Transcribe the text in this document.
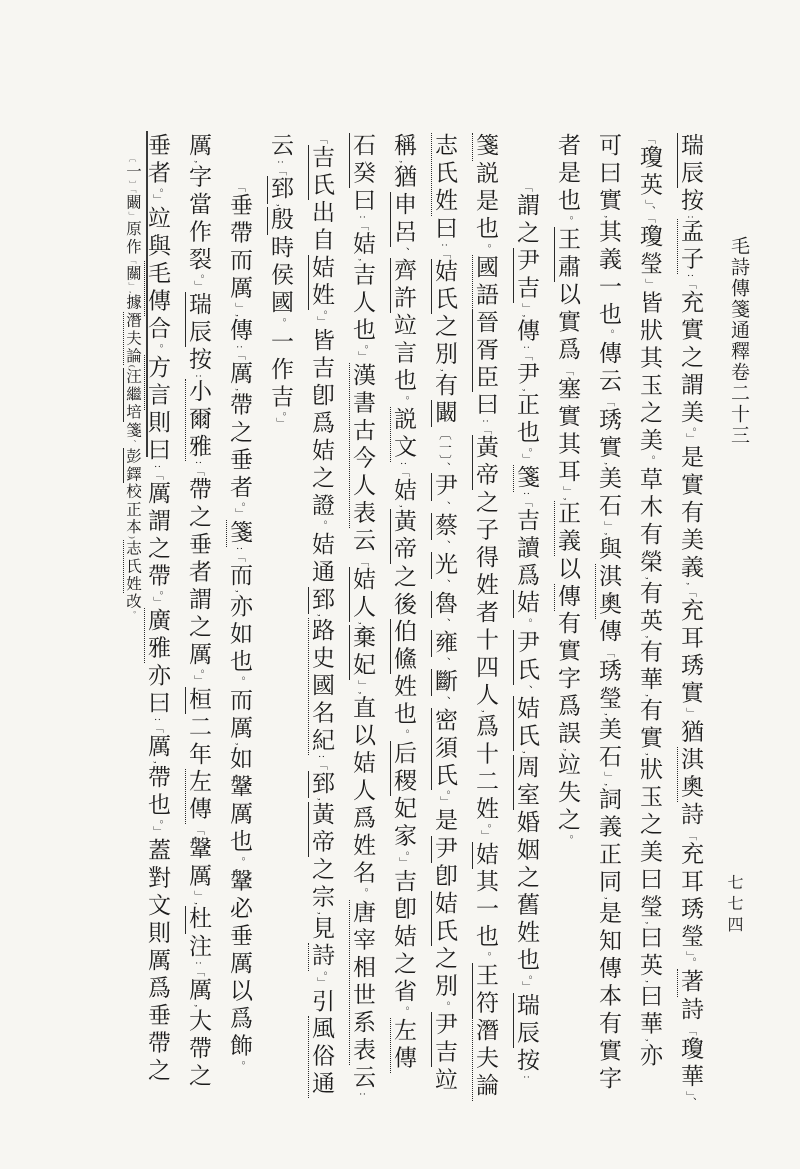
毛詩傳箋通釋卷二十三
七七四
瑞辰按:孟子:「充實之謂美。」是實有美義,「充耳琇實」猶淇奧詩「充耳琇瑩」。著詩「瓊華」、
「瓊英」、「瓊瑩」皆狀其玉之美。草木有榮,有英,有華,有實,狀玉之美曰瑩,曰英,曰華,亦
可曰實,其義一也。傳云「琇實,美石」,與淇奧傳「琇瑩,美石」,詞義正同,是知傳本有實字
者是也。王肅以實爲「塞實其耳」,正義以傳有實字爲誤,竝失之。
「謂之尹吉」,傳:「尹,正也。」箋:「吉讀爲姞。尹氏、姞氏,周室婚姻之舊姓也。」瑞辰按:
箋説是也。國語晉胥臣曰:「黃帝之子得姓者十四人,爲十二姓。」姞其一也。王符潛夫論
志氏姓曰:「姞氏之別,有闞〔一〕、尹、蔡、光、魯、雍、斷、密須氏。」是尹卽姞氏之別。尹吉竝
稱,猶申呂、齊許竝言也。説文:「姞,黃帝之後伯鯈姓也。后稷妃家。」吉卽姞之省。左傳
石癸曰:「姞,吉人也。」漢書古今人表云「姞人,棄妃」,直以姞人爲姓名。唐宰相世系表云:
「吉氏出自姞姓。」皆吉卽爲姞之證。姞通郅,路史國名紀:「郅,黃帝之宗,見詩。」引風俗通
云:「郅,殷時侯國。一作吉。」
「垂帶而厲」,傳:「厲,帶之垂者。」箋:「而,亦如也。而厲,如鞶厲也。鞶必垂厲以爲飾。
厲,字當作裂。」瑞辰按:小爾雅:「帶之垂者謂之厲。」桓二年左傳「鞶厲」,杜注:「厲,大帶之
垂者。」竝與毛傳合。方言則曰:「厲謂之帶。」廣雅亦曰:「厲,帶也。」蓋對文則厲爲垂帶之
〔一〕「闞」原作「關」,據潛夫論(汪繼培箋、彭鐸校正本)志氏姓改。
